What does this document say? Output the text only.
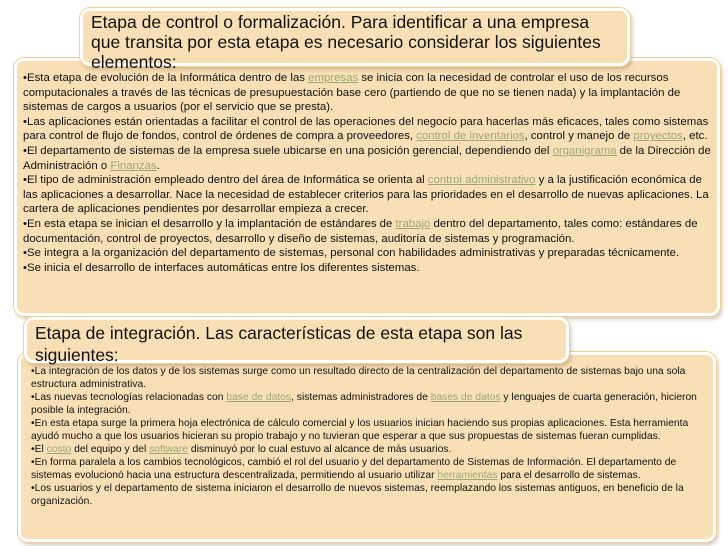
•Esta etapa de evolución de la Informática dentro de las empresas se inicia con la necesidad de controlar el uso de los recursos computacionales a través de las técnicas de presupuestación base cero (partiendo de que no se tienen nada) y la implantación de sistemas de cargos a usuarios (por el servicio que se presta).

•Las aplicaciones están orientadas a facilitar el control de las operaciones del negocio para hacerlas más eficaces, tales como sistemas para control de flujo de fondos, control de órdenes de compra a proveedores, control de inventarios, control y manejo de proyectos, etc.

•El departamento de sistemas de la empresa suele ubicarse en una posición gerencial, dependiendo del organigrama de la Dirección de Administración o Finanzas.

•El tipo de administración empleado dentro del área de Informática se orienta al control administrativo y a la justificación económica de las aplicaciones a desarrollar. Nace la necesidad de establecer criterios para las prioridades en el desarrollo de nuevas aplicaciones. La cartera de aplicaciones pendientes por desarrollar empieza a crecer.

•En esta etapa se inician el desarrollo y la implantación de estándares de trabajo dentro del departamento, tales como: estándares de documentación, control de proyectos, desarrollo y diseño de sistemas, auditoría de sistemas y programación.

•Se integra a la organización del departamento de sistemas, personal con habilidades administrativas y preparadas técnicamente.

•Se inicia el desarrollo de interfaces automáticas entre los diferentes sistemas.

Etapa de control o formalización. Para identificar a una empresa que transita por esta etapa es necesario considerar los siguientes elementos:

•La integración de los datos y de los sistemas surge como un resultado directo de la centralización del departamento de sistemas bajo una sola estructura administrativa.

•Las nuevas tecnologías relacionadas con base de datos, sistemas administradores de bases de datos y lenguajes de cuarta generación, hicieron posible la integración.

•En esta etapa surge la primera hoja electrónica de cálculo comercial y los usuarios inician haciendo sus propias aplicaciones. Esta herramienta ayudó mucho a que los usuarios hicieran su propio trabajo y no tuvieran que esperar a que sus propuestas de sistemas fueran cumplidas.

•El costo del equipo y del software disminuyó por lo cual estuvo al alcance de más usuarios.

•En forma paralela a los cambios tecnológicos, cambió el rol del usuario y del departamento de Sistemas de Información. El departamento de sistemas evolucionó hacia una estructura descentralizada, permitiendo al usuario utilizar herramientas para el desarrollo de sistemas.

•Los usuarios y el departamento de sistema iniciaron el desarrollo de nuevos sistemas, reemplazando los sistemas antiguos, en beneficio de la organización.

Etapa de integración. Las características de esta etapa son las siguientes:
